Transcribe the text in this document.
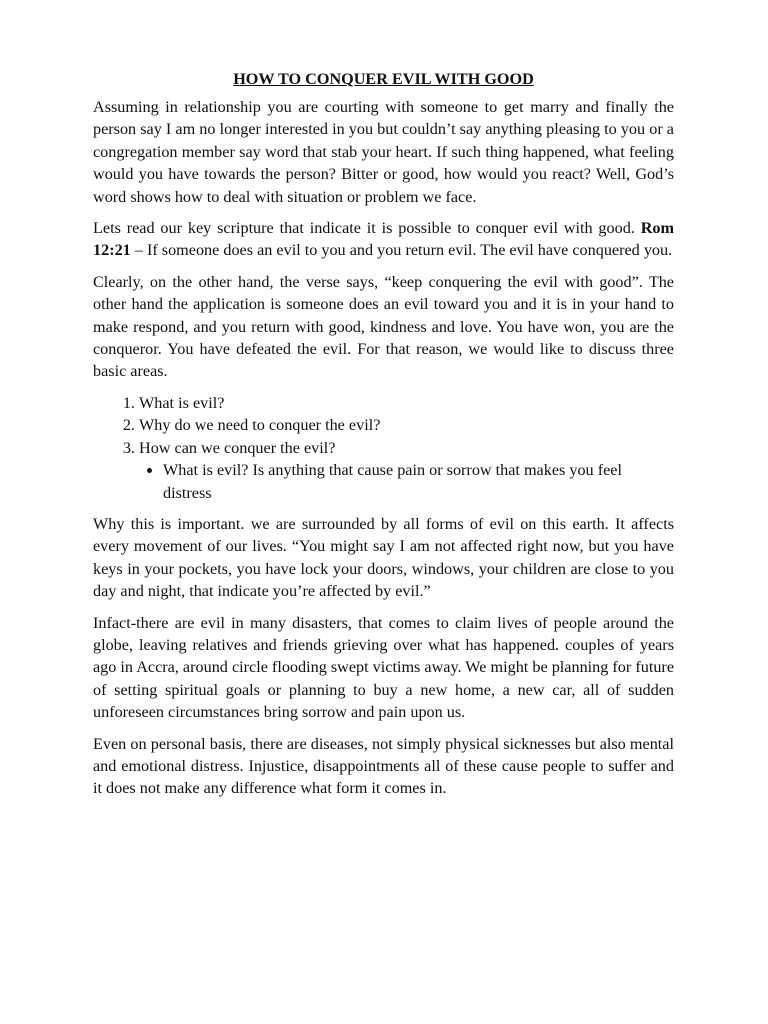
HOW TO CONQUER EVIL WITH GOOD

Assuming in relationship you are courting with someone to get marry and finally the person say I am no longer interested in you but couldn’t say anything pleasing to you or a congregation member say word that stab your heart. If such thing happened, what feeling would you have towards the person? Bitter or good, how would you react? Well, God’s word shows how to deal with situation or problem we face.

Lets read our key scripture that indicate it is possible to conquer evil with good. Rom 12:21 – If someone does an evil to you and you return evil. The evil have conquered you.

Clearly, on the other hand, the verse says, “keep conquering the evil with good”. The other hand the application is someone does an evil toward you and it is in your hand to make respond, and you return with good, kindness and love. You have won, you are the conqueror. You have defeated the evil. For that reason, we would like to discuss three basic areas.

1. What is evil?
2. Why do we need to conquer the evil?
3. How can we conquer the evil?
• What is evil? Is anything that cause pain or sorrow that makes you feel distress

Why this is important. we are surrounded by all forms of evil on this earth. It affects every movement of our lives. “You might say I am not affected right now, but you have keys in your pockets, you have lock your doors, windows, your children are close to you day and night, that indicate you’re affected by evil.”

Infact-there are evil in many disasters, that comes to claim lives of people around the globe, leaving relatives and friends grieving over what has happened. couples of years ago in Accra, around circle flooding swept victims away. We might be planning for future of setting spiritual goals or planning to buy a new home, a new car, all of sudden unforeseen circumstances bring sorrow and pain upon us.

Even on personal basis, there are diseases, not simply physical sicknesses but also mental and emotional distress. Injustice, disappointments all of these cause people to suffer and it does not make any difference what form it comes in.
